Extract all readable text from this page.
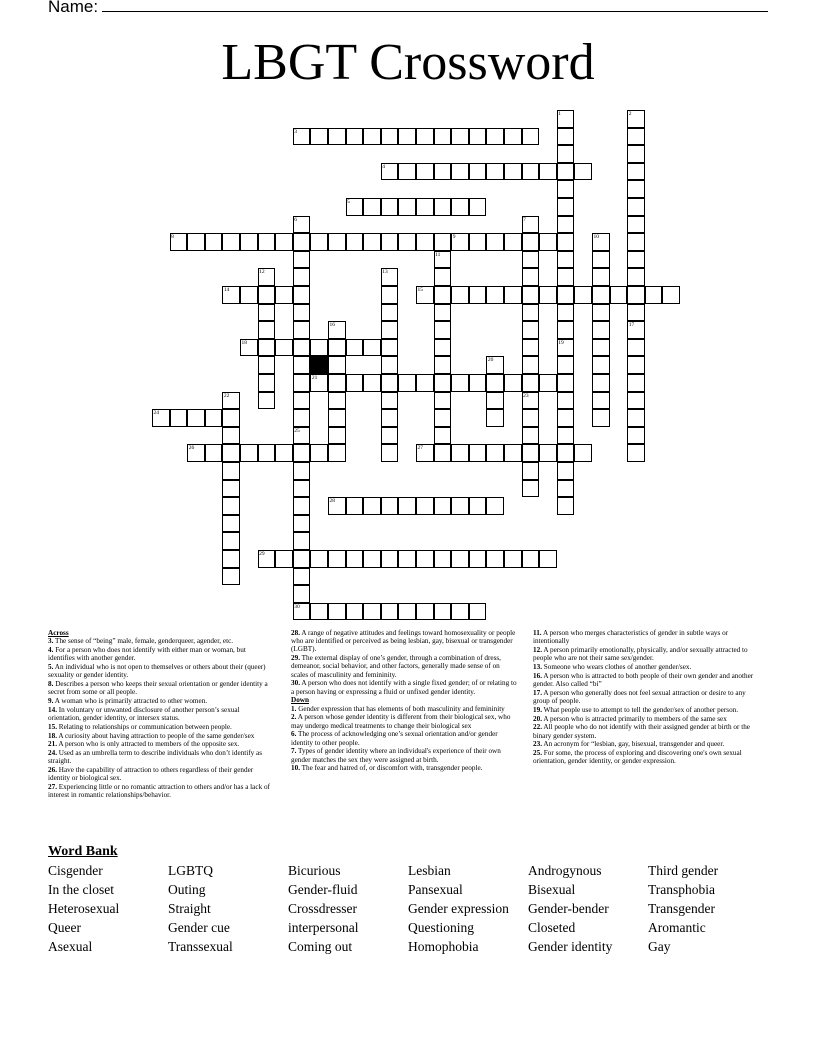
Name:
LBGT Crossword
1	2
3
4
5
6	7
8	9	10
11
12	13
14	15
16	17
18	19
20
21
22	23
24
25
26	27
28
29
30
Across
3. The sense of “being” male, female, genderqueer, agender, etc.
4. For a person who does not identify with either man or woman, but identifies with another gender.
5. An individual who is not open to themselves or others about their (queer) sexuality or gender identity.
8. Describes a person who keeps their sexual orientation or gender identity a secret from some or all people.
9. A woman who is primarily attracted to other women.
14. In voluntary or unwanted disclosure of another person’s sexual orientation, gender identity, or intersex status.
15. Relating to relationships or communication between people.
18. A curiosity about having attraction to people of the same gender/sex
21. A person who is only attracted to members of the opposite sex.
24. Used as an umbrella term to describe individuals who don’t identify as straight.
26. Have the capability of attraction to others regardless of their gender identity or biological sex.
27. Experiencing little or no romantic attraction to others and/or has a lack of interest in romantic relationships/behavior.
28. A range of negative attitudes and feelings toward homosexuality or people who are identified or perceived as being lesbian, gay, bisexual or transgender (LGBT).
29. The external display of one’s gender, through a combination of dress, demeanor, social behavior, and other factors, generally made sense of on scales of masculinity and femininity.
30. A person who does not identify with a single fixed gender; of or relating to a person having or expressing a fluid or unfixed gender identity.
Down
1. Gender expression that has elements of both masculinity and femininity
2. A person whose gender identity is different from their biological sex, who may undergo medical treatments to change their biological sex
6. The process of acknowledging one’s sexual orientation and/or gender identity to other people.
7. Types of gender identity where an individual's experience of their own gender matches the sex they were assigned at birth.
10. The fear and hatred of, or discomfort with, transgender people.
11. A person who merges characteristics of gender in subtle ways or intentionally
12. A person primarily emotionally, physically, and/or sexually attracted to people who are not their same sex/gender.
13. Someone who wears clothes of another gender/sex.
16. A person who is attracted to both people of their own gender and another gender. Also called “bi”
17. A person who generally does not feel sexual attraction or desire to any group of people.
19. What people use to attempt to tell the gender/sex of another person.
20. A person who is attracted primarily to members of the same sex
22. All people who do not identify with their assigned gender at birth or the binary gender system.
23. An acronym for “lesbian, gay, bisexual, transgender and queer.
25. For some, the process of exploring and discovering one's own sexual orientation, gender identity, or gender expression.
Word Bank
Cisgender
In the closet
Heterosexual
Queer
Asexual
LGBTQ
Outing
Straight
Gender cue
Transsexual
Bicurious
Gender-fluid
Crossdresser
interpersonal
Coming out
Lesbian
Pansexual
Gender expression
Questioning
Homophobia
Androgynous
Bisexual
Gender-bender
Closeted
Gender identity
Third gender
Transphobia
Transgender
Aromantic
Gay
